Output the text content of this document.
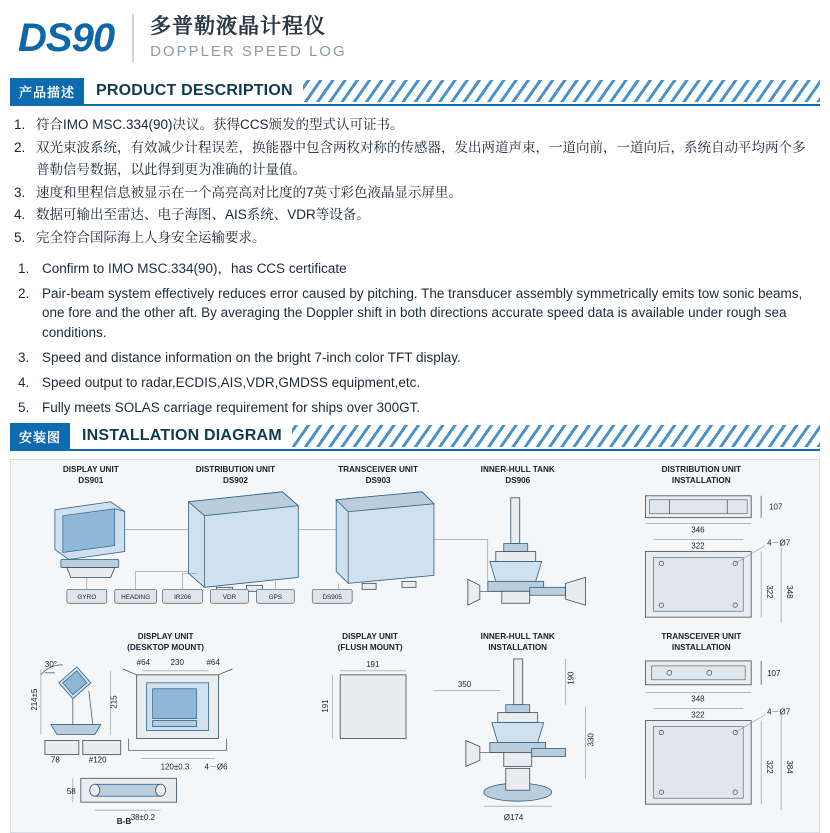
DS90 多普勒液晶计程仪
DOPPLER SPEED LOG
产品描述	PRODUCT DESCRIPTION
1. 符合IMO MSC.334(90)决议。获得CCS颁发的型式认可证书。
2. 双光束波系统，有效减少计程误差，换能器中包含两枚对称的传感器，发出两道声束，一道向前，一道向后，系统自动平均两个多普勒信号数据，以此得到更为准确的计量值。
3. 速度和里程信息被显示在一个高亮高对比度的7英寸彩色液晶显示屏里。
4. 数据可输出至雷达、电子海图、AIS系统、VDR等设备。
5. 完全符合国际海上人身安全运输要求。
1. Confirm to IMO MSC.334(90)，has CCS certificate
2. Pair-beam system effectively reduces error caused by pitching. The transducer assembly symmetrically emits tow sonic beams, one fore and the other aft. By averaging the Doppler shift in both directions accurate speed data is available under rough sea conditions.
3. Speed and distance information on the bright 7-inch color TFT display.
4. Speed output to radar,ECDIS,AIS,VDR,GMDSS equipment,etc.
5. Fully meets SOLAS carriage requirement for ships over 300GT.
安装图	INSTALLATION DIAGRAM
DISPLAY UNIT
DS901
DISTRIBUTION UNIT
DS902
TRANSCEIVER UNIT
DS903
INNER-HULL TANK
DS906
DISTRIBUTION UNIT
INSTALLATION
GYRO	HEADING	IR206	VDR	GPS	DS905
107
346
322	4－Ø7
322 348
DISPLAY UNIT
(DESKTOP MOUNT)
DISPLAY UNIT
(FLUSH MOUNT)
INNER-HULL TANK
INSTALLATION
TRANSCEIVER UNIT
INSTALLATION
30°
214±5	215
78	#120
230
#64	#64
120±0.3 4－Ø6
58
38±0.2
B-B
191
191
350	190
330
Ø174
107
348
322	4－Ø7
322 384
